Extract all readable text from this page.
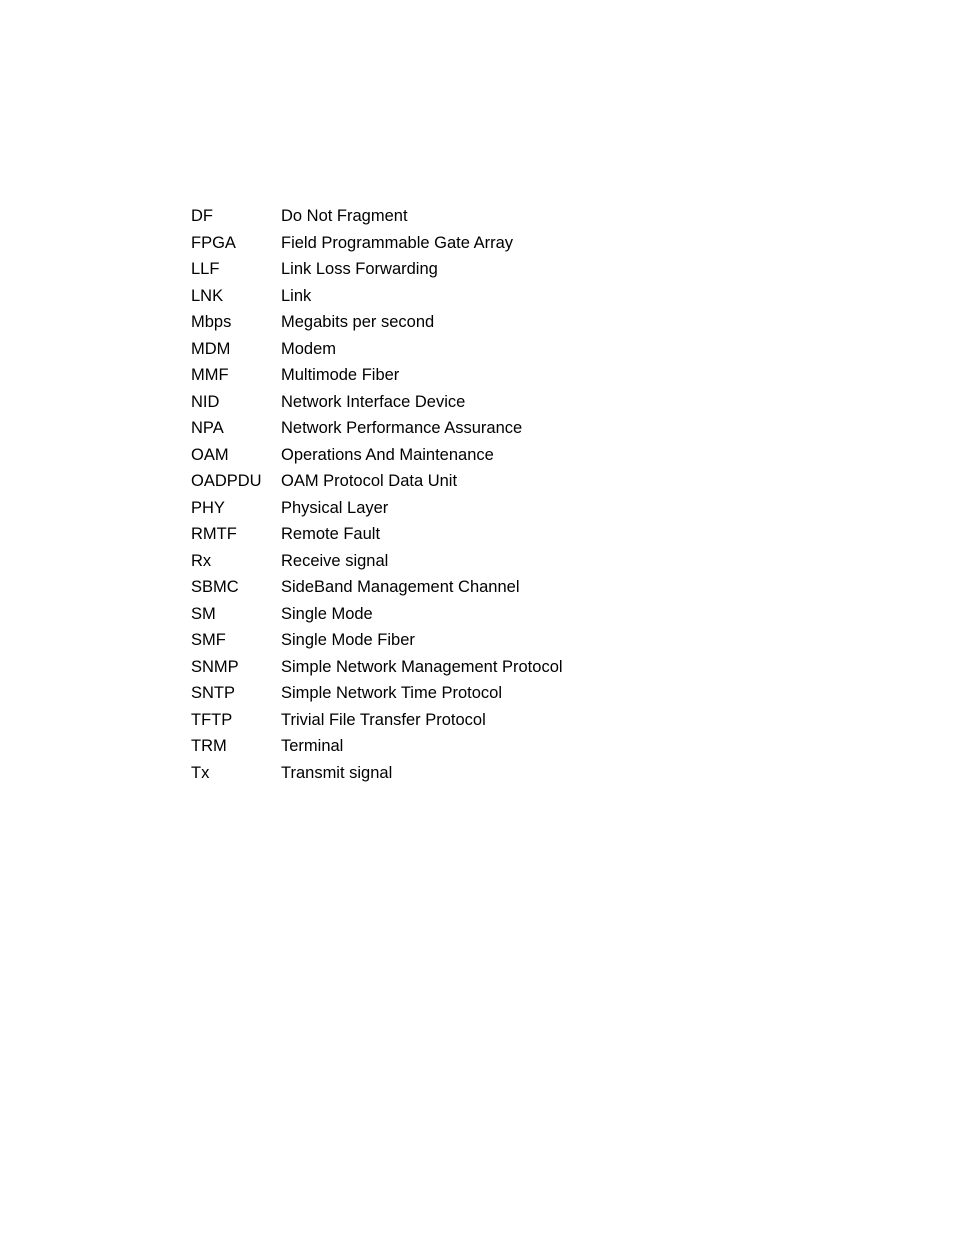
DF	Do Not Fragment
FPGA	Field Programmable Gate Array
LLF	Link Loss Forwarding
LNK	Link
Mbps	Megabits per second
MDM	Modem
MMF	Multimode Fiber
NID	Network Interface Device
NPA	Network Performance Assurance
OAM	Operations And Maintenance
OADPDU	OAM Protocol Data Unit
PHY	Physical Layer
RMTF	Remote Fault
Rx	Receive signal
SBMC	SideBand Management Channel
SM	Single Mode
SMF	Single Mode Fiber
SNMP	Simple Network Management Protocol
SNTP	Simple Network Time Protocol
TFTP	Trivial File Transfer Protocol
TRM	Terminal
Tx	Transmit signal
